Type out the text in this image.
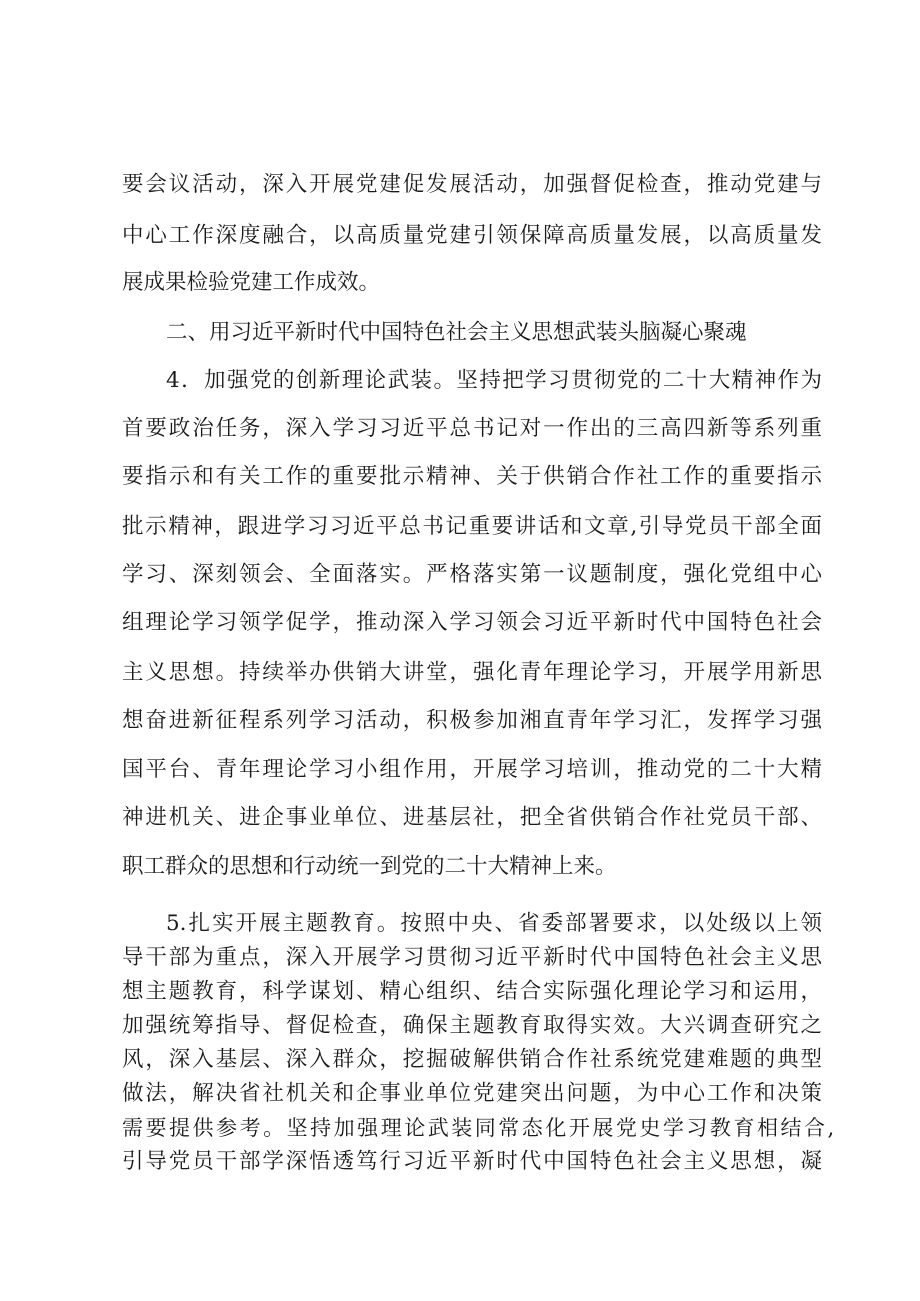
要会议活动，深入开展党建促发展活动，加强督促检查，推动党建与
中心工作深度融合，以高质量党建引领保障高质量发展，以高质量发
展成果检验党建工作成效。
二、用习近平新时代中国特色社会主义思想武装头脑凝心聚魂
4．加强党的创新理论武装。坚持把学习贯彻党的二十大精神作为
首要政治任务，深入学习习近平总书记对一作出的三高四新等系列重
要指示和有关工作的重要批示精神、关于供销合作社工作的重要指示
批示精神，跟进学习习近平总书记重要讲话和文章,引导党员干部全面
学习、深刻领会、全面落实。严格落实第一议题制度，强化党组中心
组理论学习领学促学，推动深入学习领会习近平新时代中国特色社会
主义思想。持续举办供销大讲堂，强化青年理论学习，开展学用新思
想奋进新征程系列学习活动，积极参加湘直青年学习汇，发挥学习强
国平台、青年理论学习小组作用，开展学习培训，推动党的二十大精
神进机关、进企事业单位、进基层社，把全省供销合作社党员干部、
职工群众的思想和行动统一到党的二十大精神上来。
5.扎实开展主题教育。按照中央、省委部署要求，以处级以上领
导干部为重点，深入开展学习贯彻习近平新时代中国特色社会主义思
想主题教育，科学谋划、精心组织、结合实际强化理论学习和运用，
加强统筹指导、督促检查，确保主题教育取得实效。大兴调查研究之
风，深入基层、深入群众，挖掘破解供销合作社系统党建难题的典型
做法，解决省社机关和企事业单位党建突出问题，为中心工作和决策
需要提供参考。坚持加强理论武装同常态化开展党史学习教育相结合,
引导党员干部学深悟透笃行习近平新时代中国特色社会主义思想，凝
